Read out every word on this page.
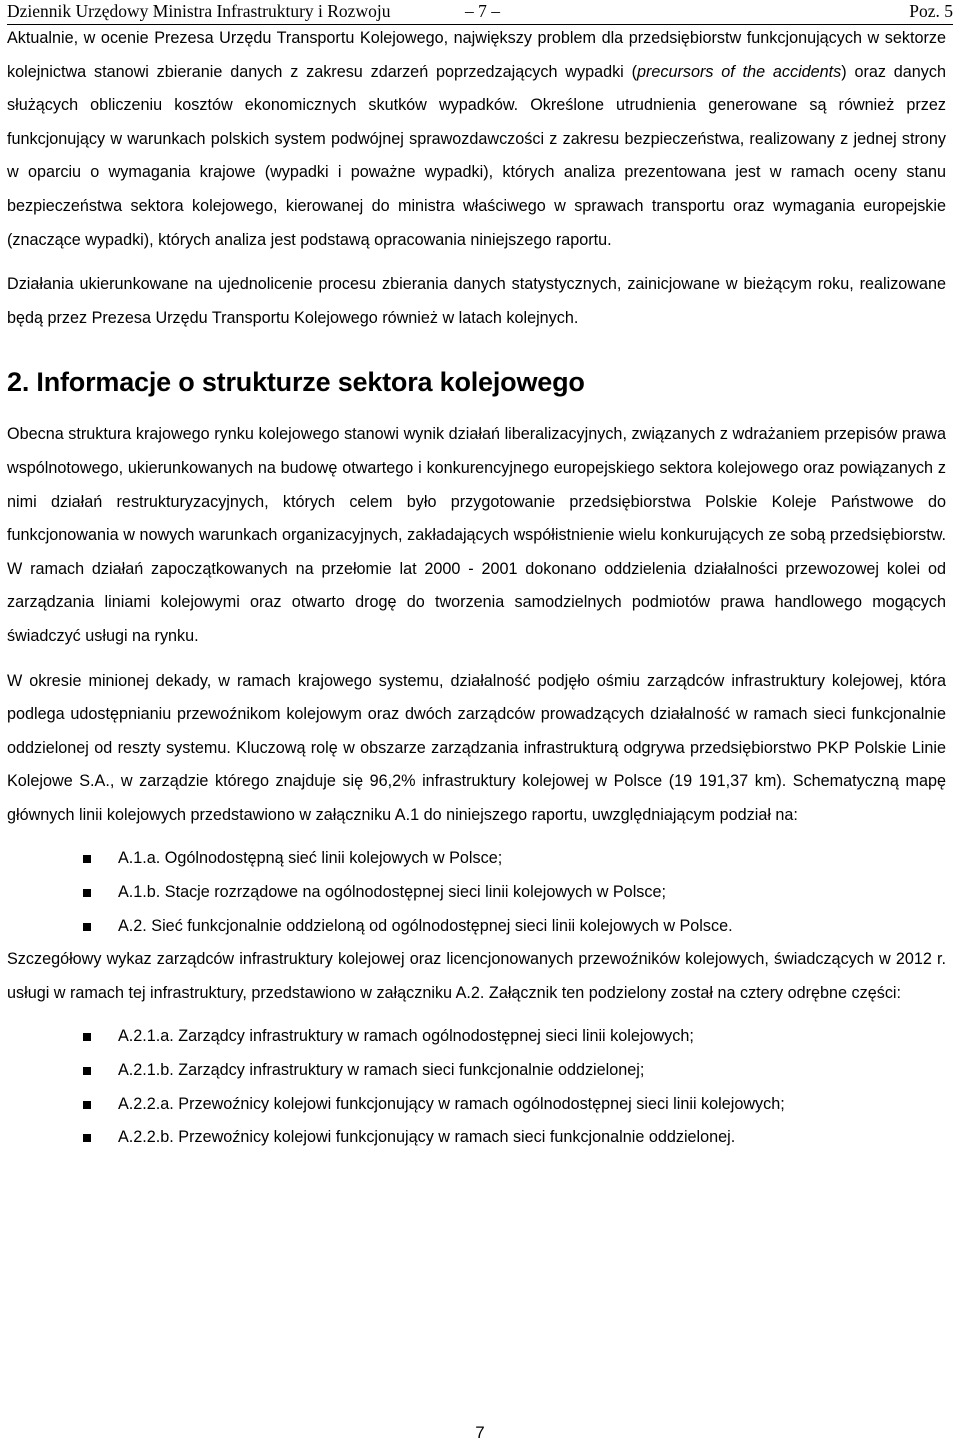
Dziennik Urzędowy Ministra Infrastruktury i Rozwoju	– 7 –	Poz. 5

Aktualnie, w ocenie Prezesa Urzędu Transportu Kolejowego, największy problem dla przedsiębiorstw funkcjonujących w sektorze kolejnictwa stanowi zbieranie danych z zakresu zdarzeń poprzedzających wypadki (precursors of the accidents) oraz danych służących obliczeniu kosztów ekonomicznych skutków wypadków. Określone utrudnienia generowane są również przez funkcjonujący w warunkach polskich system podwójnej sprawozdawczości z zakresu bezpieczeństwa, realizowany z jednej strony w oparciu o wymagania krajowe (wypadki i poważne wypadki), których analiza prezentowana jest w ramach oceny stanu bezpieczeństwa sektora kolejowego, kierowanej do ministra właściwego w sprawach transportu oraz wymagania europejskie (znaczące wypadki), których analiza jest podstawą opracowania niniejszego raportu.

Działania ukierunkowane na ujednolicenie procesu zbierania danych statystycznych, zainicjowane w bieżącym roku, realizowane będą przez Prezesa Urzędu Transportu Kolejowego również w latach kolejnych.

2. Informacje o strukturze sektora kolejowego

Obecna struktura krajowego rynku kolejowego stanowi wynik działań liberalizacyjnych, związanych z wdrażaniem przepisów prawa wspólnotowego, ukierunkowanych na budowę otwartego i konkurencyjnego europejskiego sektora kolejowego oraz powiązanych z nimi działań restrukturyzacyjnych, których celem było przygotowanie przedsiębiorstwa Polskie Koleje Państwowe do funkcjonowania w nowych warunkach organizacyjnych, zakładających współistnienie wielu konkurujących ze sobą przedsiębiorstw. W ramach działań zapoczątkowanych na przełomie lat 2000 - 2001 dokonano oddzielenia działalności przewozowej kolei od zarządzania liniami kolejowymi oraz otwarto drogę do tworzenia samodzielnych podmiotów prawa handlowego mogących świadczyć usługi na rynku.

W okresie minionej dekady, w ramach krajowego systemu, działalność podjęło ośmiu zarządców infrastruktury kolejowej, która podlega udostępnianiu przewoźnikom kolejowym oraz dwóch zarządców prowadzących działalność w ramach sieci funkcjonalnie oddzielonej od reszty systemu. Kluczową rolę w obszarze zarządzania infrastrukturą odgrywa przedsiębiorstwo PKP Polskie Linie Kolejowe S.A., w zarządzie którego znajduje się 96,2% infrastruktury kolejowej w Polsce (19 191,37 km). Schematyczną mapę głównych linii kolejowych przedstawiono w załączniku A.1 do niniejszego raportu, uwzględniającym podział na:

A.1.a. Ogólnodostępną sieć linii kolejowych w Polsce;
A.1.b. Stacje rozrządowe na ogólnodostępnej sieci linii kolejowych w Polsce;
A.2. Sieć funkcjonalnie oddzieloną od ogólnodostępnej sieci linii kolejowych w Polsce.

Szczegółowy wykaz zarządców infrastruktury kolejowej oraz licencjonowanych przewoźników kolejowych, świadczących w 2012 r. usługi w ramach tej infrastruktury, przedstawiono w załączniku A.2. Załącznik ten podzielony został na cztery odrębne części:

A.2.1.a. Zarządcy infrastruktury w ramach ogólnodostępnej sieci linii kolejowych;
A.2.1.b. Zarządcy infrastruktury w ramach sieci funkcjonalnie oddzielonej;
A.2.2.a. Przewoźnicy kolejowi funkcjonujący w ramach ogólnodostępnej sieci linii kolejowych;
A.2.2.b. Przewoźnicy kolejowi funkcjonujący w ramach sieci funkcjonalnie oddzielonej.
7
